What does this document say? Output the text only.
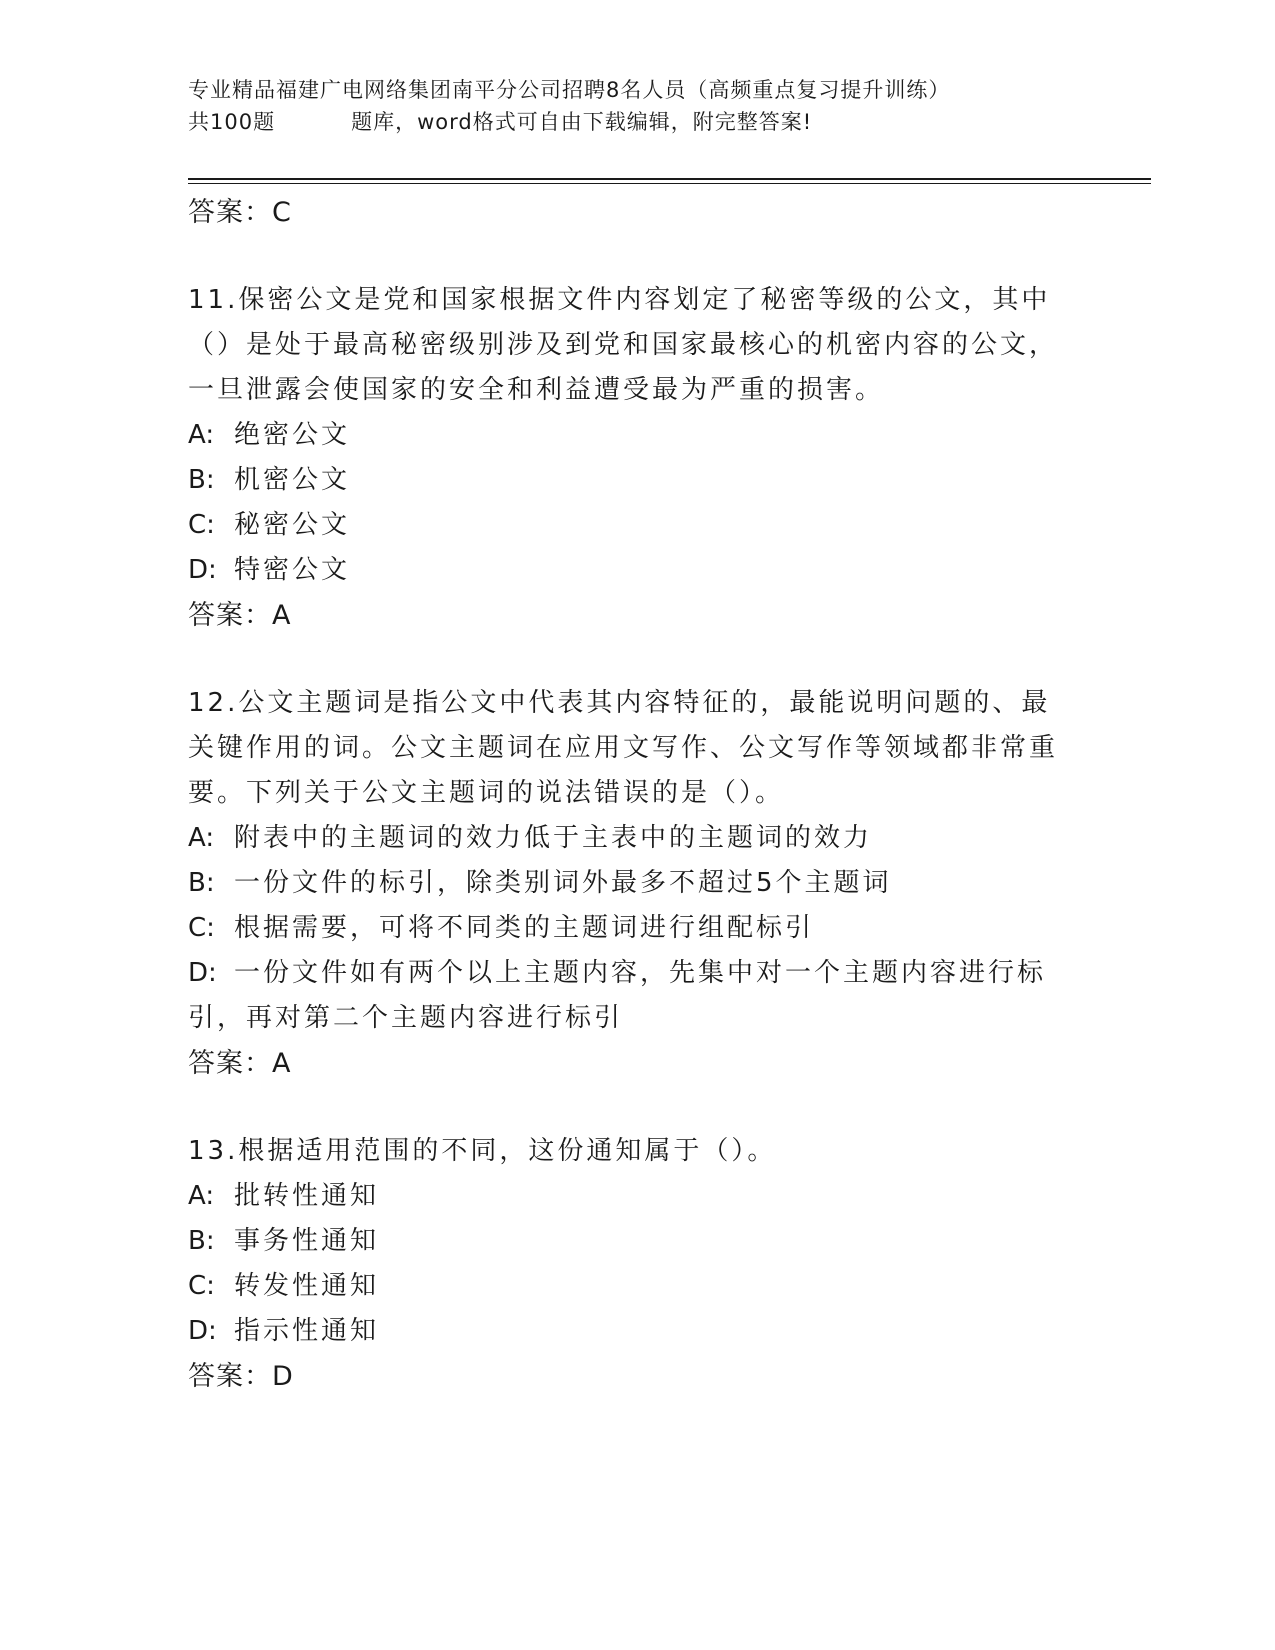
专业精品福建广电网络集团南平分公司招聘8名人员（高频重点复习提升训练）
共100题	题库，word格式可自由下载编辑，附完整答案!
答案：C
11.保密公文是党和国家根据文件内容划定了秘密等级的公文，其中（）是处于最高秘密级别涉及到党和国家最核心的机密内容的公文，一旦泄露会使国家的安全和利益遭受最为严重的损害。
A: 绝密公文
B: 机密公文
C: 秘密公文
D: 特密公文
答案：A
12.公文主题词是指公文中代表其内容特征的，最能说明问题的、最关键作用的词。公文主题词在应用文写作、公文写作等领域都非常重要。下列关于公文主题词的说法错误的是（）。
A: 附表中的主题词的效力低于主表中的主题词的效力
B: 一份文件的标引，除类别词外最多不超过5个主题词
C: 根据需要，可将不同类的主题词进行组配标引
D: 一份文件如有两个以上主题内容，先集中对一个主题内容进行标引，再对第二个主题内容进行标引
答案：A
13.根据适用范围的不同，这份通知属于（）。
A: 批转性通知
B: 事务性通知
C: 转发性通知
D: 指示性通知
答案：D
